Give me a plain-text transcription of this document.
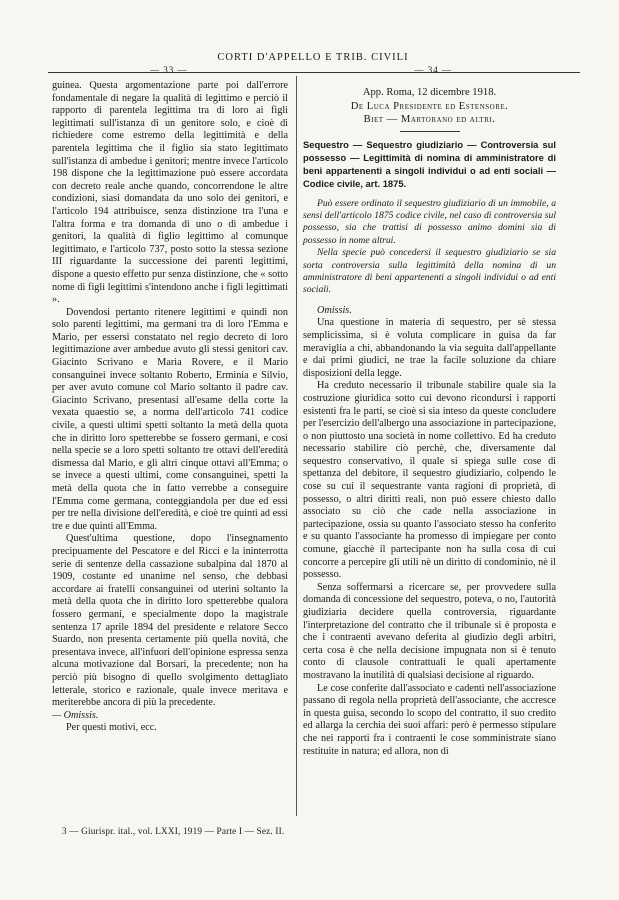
CORTI D'APPELLO E TRIB. CIVILI
— 33 —	— 34 —

guinea. Questa argomentazione parte poi dall'errore fondamentale di negare la qualità di legittimo e perciò il rapporto di parentela legittima tra di loro ai figli legittimati sull'istanza di un genitore solo, e cioè di richiedere come estremo della legittimità e della parentela legittima che il figlio sia stato legittimato sull'istanza di ambedue i genitori; mentre invece l'articolo 198 dispone che la legittimazione può essere accordata con decreto reale anche quando, concorrendone le altre condizioni, siasi domandata da uno solo dei genitori, e l'articolo 194 attribuisce, senza distinzione tra l'una e l'altra forma e tra domanda di uno o di ambedue i genitori, la qualità di figlio legittimo al comunque legittimato, e l'articolo 737, posto sotto la stessa sezione III riguardante la successione dei parenti legittimi, dispone a questo effetto pur senza distinzione, che « sotto nome di figli legittimi s'intendono anche i figli legittimati ».

Dovendosi pertanto ritenere legittimi e quindi non solo parenti legittimi, ma germani tra di loro l'Emma e Mario, per essersi constatato nel regio decreto di loro legittimazione aver ambedue avuto gli stessi genitori cav. Giacinto Scrivano e Maria Rovere, e il Mario consanguinei invece soltanto Roberto, Erminia e Silvio, per aver avuto comune col Mario soltanto il padre cav. Giacinto Scrivano, presentasi all'esame della corte la vexata quaestio se, a norma dell'articolo 741 codice civile, a questi ultimi spetti soltanto la metà della quota che in diritto loro spetterebbe se fossero germani, e così nella specie se a loro spetti soltanto tre ottavi dell'eredità dismessa dal Mario, e gli altri cinque ottavi all'Emma; o se invece a questi ultimi, come consanguinei, spetti la metà della quota che in fatto verrebbe a conseguire l'Emma come germana, conteggiandola per due ed essi per tre nella divisione dell'eredità, e cioè tre quinti ad essi tre e due quinti all'Emma.

Quest'ultima questione, dopo l'insegnamento precipuamente del Pescatore e del Ricci e la ininterrotta serie di sentenze della cassazione subalpina dal 1870 al 1909, costante ed unanime nel senso, che debbasi accordare ai fratelli consanguinei od uterini soltanto la metà della quota che in diritto loro spetterebbe qualora fossero germani, e specialmente dopo la magistrale sentenza 17 aprile 1894 del presidente e relatore Secco Suardo, non presenta certamente più quella novità, che presentava invece, all'infuori dell'opinione espressa senza alcuna motivazione dal Borsari, la precedente; non ha perciò più bisogno di quello svolgimento dettagliato letterale, storico e razionale, quale invece meritava e meriterebbe ancora di più la precedente.

— Omissis.

Per questi motivi, ecc.

App. Roma, 12 dicembre 1918.

De Luca Presidente ed Estensore.

Biet — Martorano ed altri.

Sequestro — Sequestro giudiziario — Controversia sul possesso — Legittimità di nomina di amministratore di beni appartenenti a singoli individui o ad enti sociali — Codice civile, art. 1875.

Può essere ordinato il sequestro giudiziario di un immobile, a sensi dell'articolo 1875 codice civile, nel caso di controversia sul possesso, sia che trattisi di possesso animo domini sia di possesso in nome altrui.

Nella specie può concedersi il sequestro giudiziario se sia sorta controversia sulla legittimità della nomina di un amministratore di beni appartenenti a singoli individui o ad enti sociali.

Omissis.

Una questione in materia di sequestro, per sè stessa semplicissima, si è voluta complicare in guisa da far meraviglia a chi, abbandonando la via seguita dall'appellante e dai primi giudici, ne trae la facile soluzione da chiare disposizioni della legge.

Ha creduto necessario il tribunale stabilire quale sia la costruzione giuridica sotto cui devono ricondursi i rapporti esistenti fra le parti, se cioè si sia inteso da queste concludere per l'esercizio dell'albergo una associazione in partecipazione, o non piuttosto una società in nome collettivo. Ed ha creduto necessario stabilire ciò perchè, che, diversamente dal sequestro conservativo, il quale si spiega sulle cose di spettanza del debitore, il sequestro giudiziario, colpendo le cose su cui il sequestrante vanta ragioni di proprietà, di possesso, o altri diritti reali, non può essere chiesto dallo associato su ciò che cade nella associazione in partecipazione, ossia su quanto l'associato stesso ha conferito e su quanto l'associante ha promesso di impiegare per conto comune, giacchè il partecipante non ha sulla cosa di cui concorre a percepire gli utili nè un diritto di condominio, nè il possesso.

Senza soffermarsi a ricercare se, per provvedere sulla domanda di concessione del sequestro, poteva, o no, l'autorità giudiziaria decidere quella controversia, riguardante l'interpretazione del contratto che il tribunale si è proposta e che i contraenti avevano deferita al giudizio degli arbitri, certa cosa è che nella decisione impugnata non si è tenuto conto di clausole contrattuali le quali apertamente mostravano la inutilità di qualsiasi decisione al riguardo.

Le cose conferite dall'associato e cadenti nell'associazione passano di regola nella proprietà dell'associante, che accresce in questa guisa, secondo lo scopo del contratto, il suo credito ed allarga la cerchia dei suoi affari: però è permesso stipulare che nei rapporti fra i contraenti le cose somministrate siano restituite in natura; ed allora, non di

3 — Giurispr. ital., vol. LXXI, 1919 — Parte I — Sez. II.
